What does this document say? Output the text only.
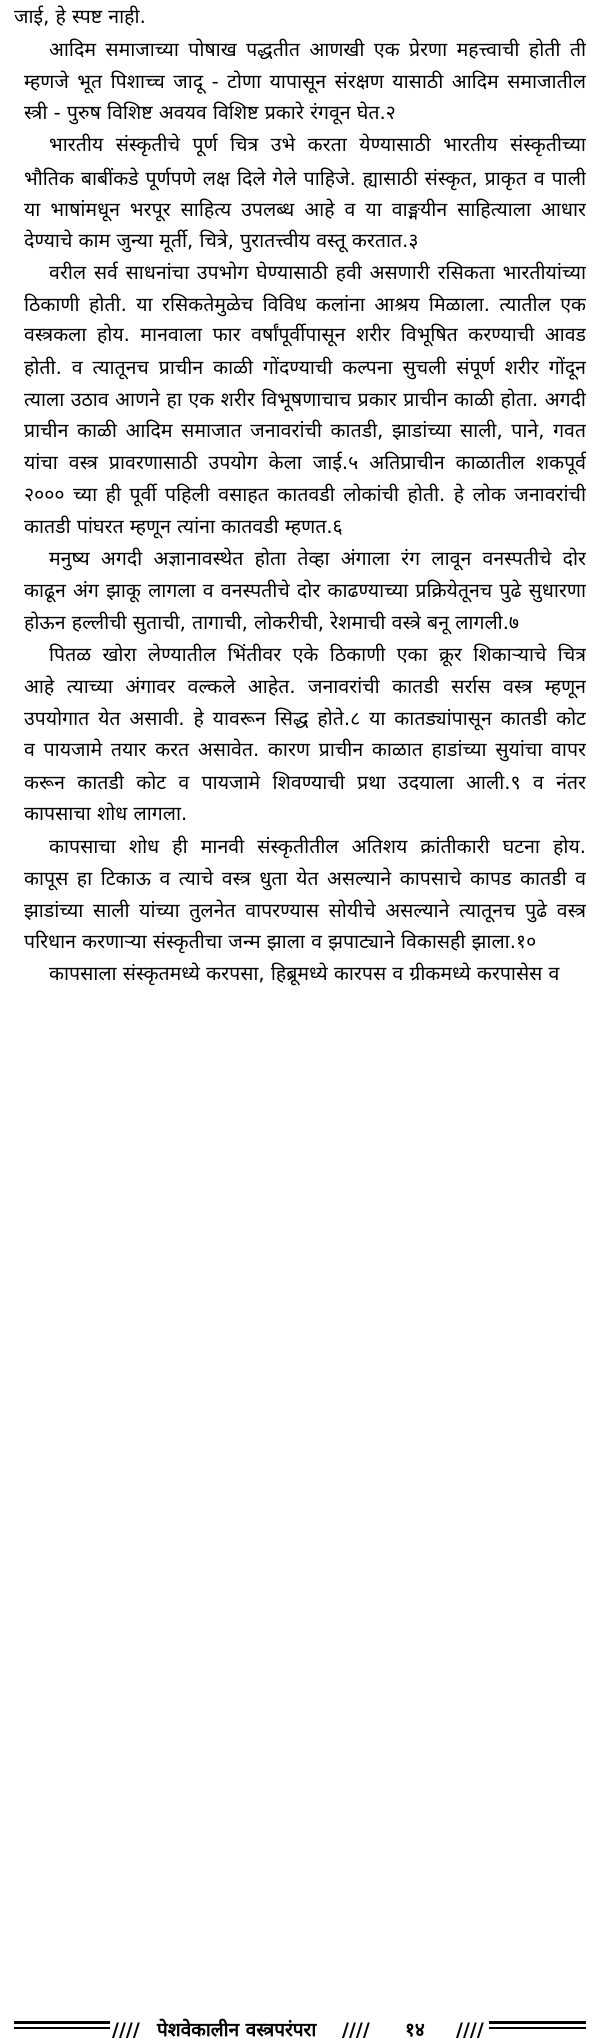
जाई, हे स्पष्ट नाही.
आदिम समाजाच्या पोषाख पद्धतीत आणखी एक प्रेरणा महत्त्वाची होती ती
म्हणजे भूत पिशाच्च जादू - टोणा यापासून संरक्षण यासाठी आदिम समाजातील
स्त्री - पुरुष विशिष्ट अवयव विशिष्ट प्रकारे रंगवून घेत.२
भारतीय संस्कृतीचे पूर्ण चित्र उभे करता येण्यासाठी भारतीय संस्कृतीच्या
भौतिक बाबींकडे पूर्णपणे लक्ष दिले गेले पाहिजे. ह्यासाठी संस्कृत, प्राकृत व पाली
या भाषांमधून भरपूर साहित्य उपलब्ध आहे व या वाङ्मयीन साहित्याला आधार
देण्याचे काम जुन्या मूर्ती, चित्रे, पुरातत्त्वीय वस्तू करतात.३
वरील सर्व साधनांचा उपभोग घेण्यासाठी हवी असणारी रसिकता भारतीयांच्या
ठिकाणी होती. या रसिकतेमुळेच विविध कलांना आश्रय मिळाला. त्यातील एक
वस्त्रकला होय. मानवाला फार वर्षांपूर्वीपासून शरीर विभूषित करण्याची आवड
होती. व त्यातूनच प्राचीन काळी गोंदण्याची कल्पना सुचली संपूर्ण शरीर गोंदून
त्याला उठाव आणने हा एक शरीर विभूषणाचाच प्रकार प्राचीन काळी होता. अगदी
प्राचीन काळी आदिम समाजात जनावरांची कातडी, झाडांच्या साली, पाने, गवत
यांचा वस्त्र प्रावरणासाठी उपयोग केला जाई.५ अतिप्राचीन काळातील शकपूर्व
२००० च्या ही पूर्वी पहिली वसाहत कातवडी लोकांची होती. हे लोक जनावरांची
कातडी पांघरत म्हणून त्यांना कातवडी म्हणत.६
मनुष्य अगदी अज्ञानावस्थेत होता तेव्हा अंगाला रंग लावून वनस्पतीचे दोर
काढून अंग झाकू लागला व वनस्पतीचे दोर काढण्याच्या प्रक्रियेतूनच पुढे सुधारणा
होऊन हल्लीची सुताची, तागाची, लोकरीची, रेशमाची वस्त्रे बनू लागली.७
पितळ खोरा लेण्यातील भिंतीवर एके ठिकाणी एका क्रूर शिकाऱ्याचे चित्र
आहे त्याच्या अंगावर वल्कले आहेत. जनावरांची कातडी सर्रास वस्त्र म्हणून
उपयोगात येत असावी. हे यावरून सिद्ध होते.८ या कातड्यांपासून कातडी कोट
व पायजामे तयार करत असावेत. कारण प्राचीन काळात हाडांच्या सुयांचा वापर
करून कातडी कोट व पायजामे शिवण्याची प्रथा उदयाला आली.९ व नंतर
कापसाचा शोध लागला.
कापसाचा शोध ही मानवी संस्कृतीतील अतिशय क्रांतीकारी घटना होय.
कापूस हा टिकाऊ व त्याचे वस्त्र धुता येत असल्याने कापसाचे कापड कातडी व
झाडांच्या साली यांच्या तुलनेत वापरण्यास सोयीचे असल्याने त्यातूनच पुढे वस्त्र
परिधान करणाऱ्या संस्कृतीचा जन्म झाला व झपाट्याने विकासही झाला.१०
कापसाला संस्कृतमध्ये करपसा, हिब्रूमध्ये कारपस व ग्रीकमध्ये करपासेस व
//// पेशवेकालीन वस्त्रपरंपरा //// १४ ////
